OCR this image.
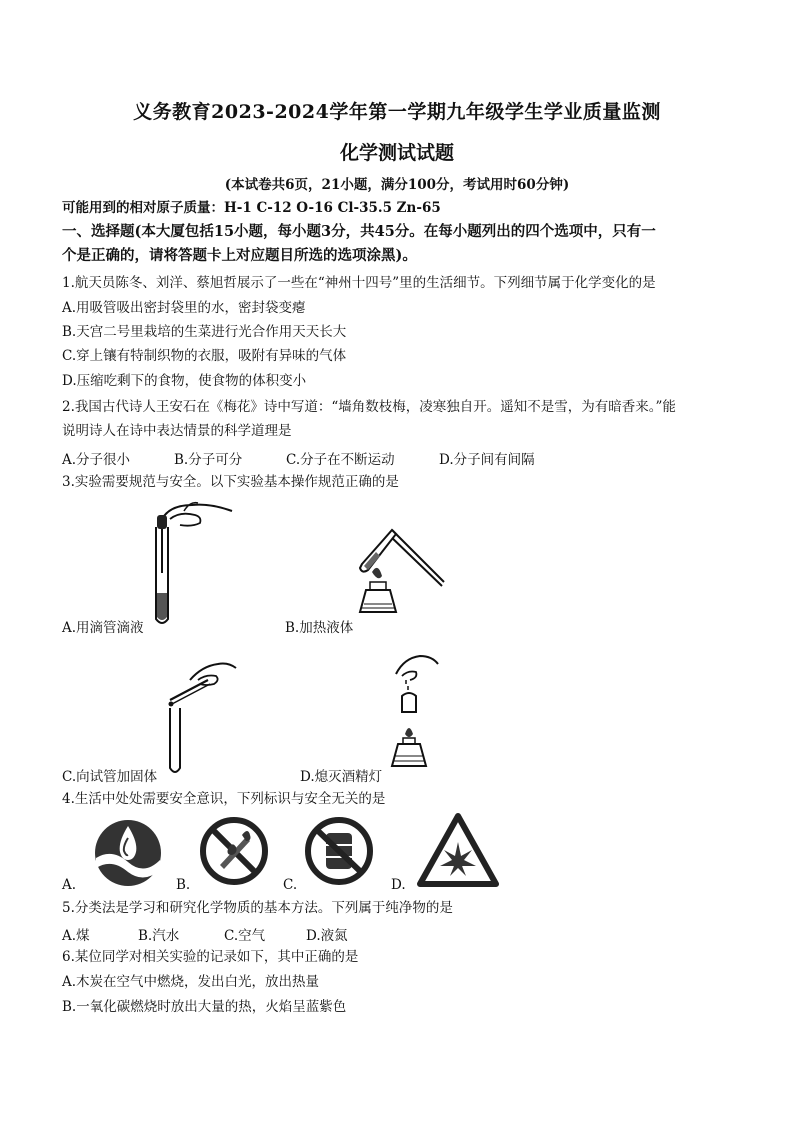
义务教育2023-2024学年第一学期九年级学生学业质量监测
化学测试试题
(本试卷共6页，21小题，满分100分，考试用时60分钟)
可能用到的相对原子质量：H-1 C-12 O-16 Cl-35.5 Zn-65
一、选择题(本大厦包括15小题，每小题3分，共45分。在每小题列出的四个选项中，只有一
个是正确的，请将答题卡上对应题目所选的选项涂黑)。
1.航天员陈冬、刘洋、蔡旭哲展示了一些在“神州十四号”里的生活细节。下列细节属于化学变化的是
A.用吸管吸出密封袋里的水，密封袋变瘪
B.天宫二号里栽培的生菜进行光合作用天天长大
C.穿上镶有特制织物的衣服，吸附有异味的气体
D.压缩吃剩下的食物，使食物的体积变小
2.我国古代诗人王安石在《梅花》诗中写道：“墙角数枝梅，凌寒独自开。遥知不是雪，为有暗香来。”能
说明诗人在诗中表达情景的科学道理是
A.分子很小	B.分子可分	C.分子在不断运动	D.分子间有间隔
3.实验需要规范与安全。以下实验基本操作规范正确的是
A.用滴管滴液	B.加热液体
C.向试管加固体	D.熄灭酒精灯
4.生活中处处需要安全意识，下列标识与安全无关的是
A.	B.	C.	D.
5.分类法是学习和研究化学物质的基本方法。下列属于纯净物的是
A.煤	B.汽水	C.空气	D.液氮
6.某位同学对相关实验的记录如下，其中正确的是
A.木炭在空气中燃烧，发出白光，放出热量
B.一氧化碳燃烧时放出大量的热，火焰呈蓝紫色
